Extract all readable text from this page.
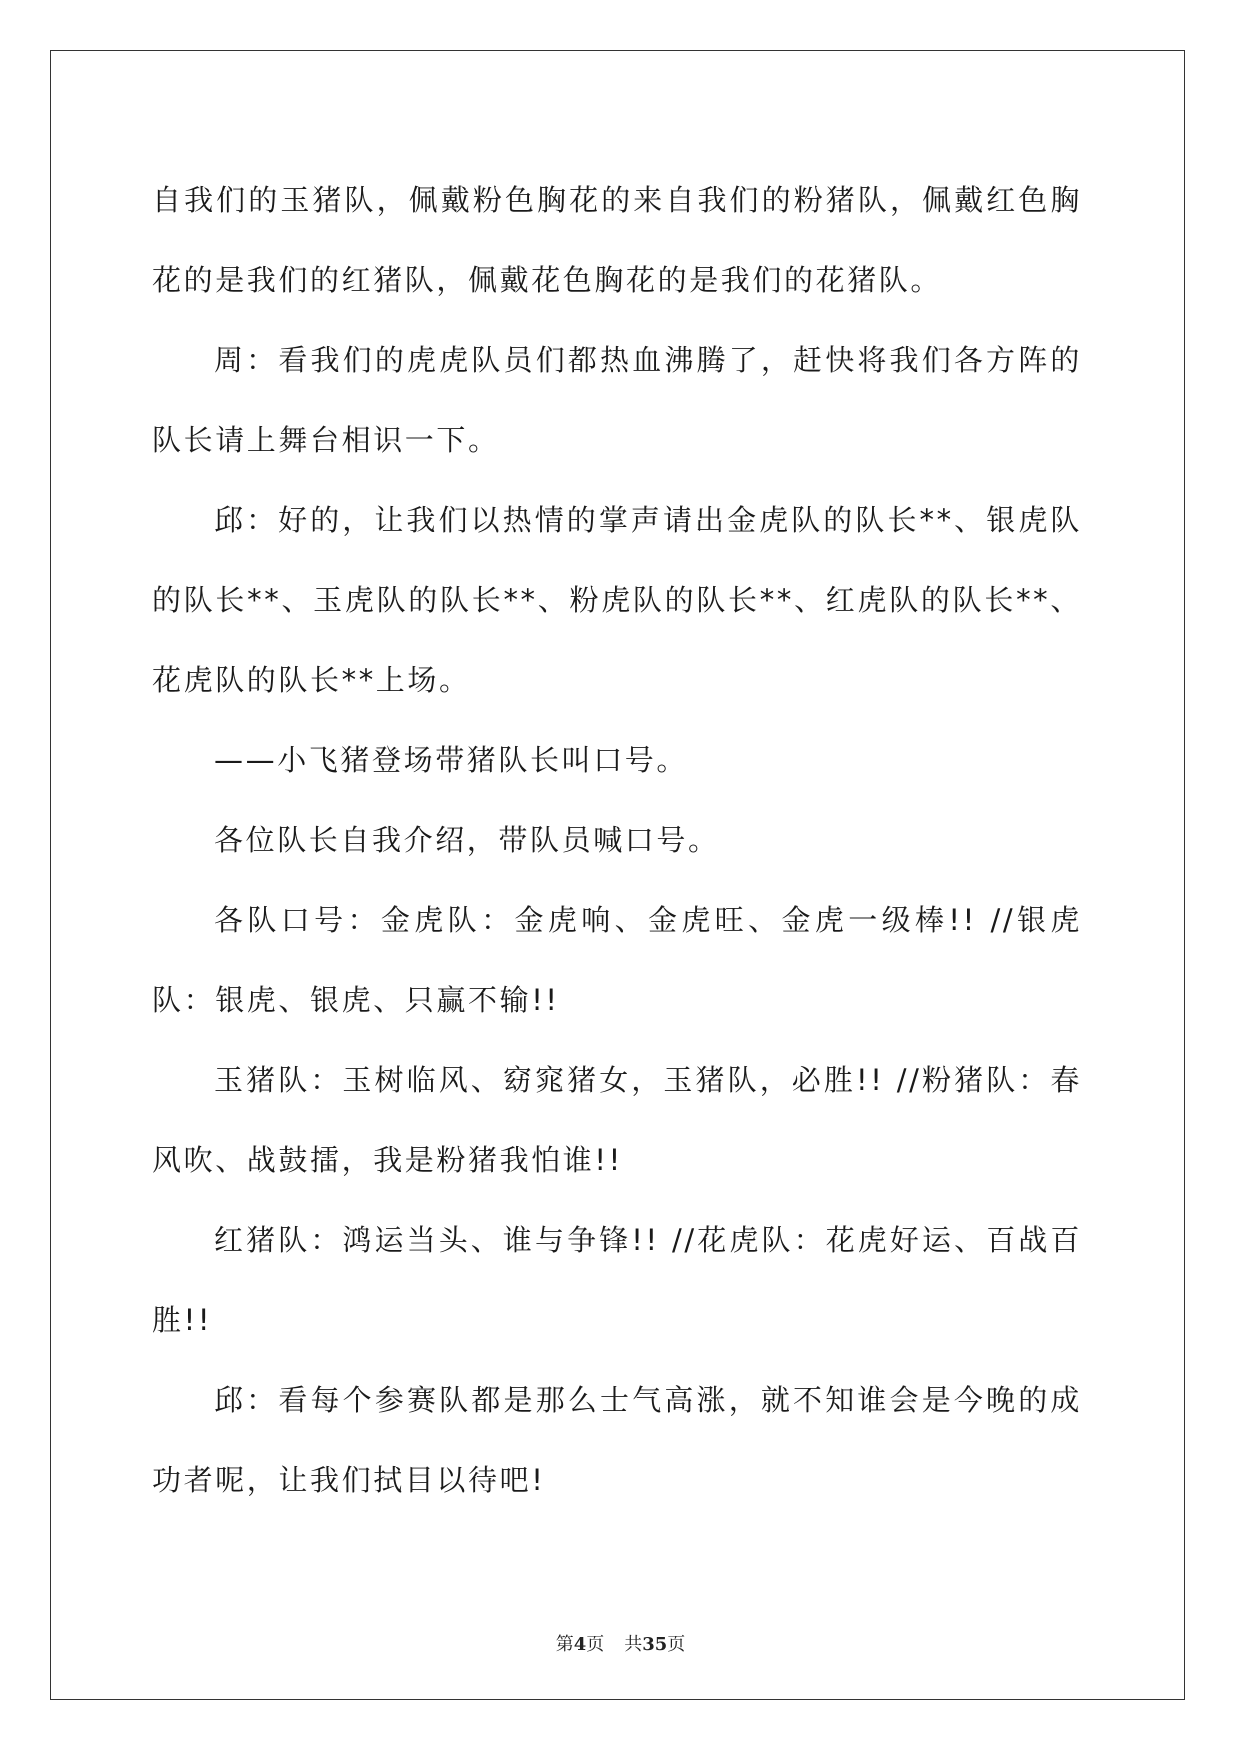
自我们的玉猪队，佩戴粉色胸花的来自我们的粉猪队，佩戴红色胸花的是我们的红猪队，佩戴花色胸花的是我们的花猪队。

周：看我们的虎虎队员们都热血沸腾了，赶快将我们各方阵的队长请上舞台相识一下。

邱：好的，让我们以热情的掌声请出金虎队的队长**、银虎队的队长**、玉虎队的队长**、粉虎队的队长**、红虎队的队长**、花虎队的队长**上场。

——小飞猪登场带猪队长叫口号。

各位队长自我介绍，带队员喊口号。

各队口号：金虎队：金虎响、金虎旺、金虎一级棒!! //银虎队：银虎、银虎、只赢不输!!

玉猪队：玉树临风、窈窕猪女，玉猪队，必胜!! //粉猪队：春风吹、战鼓擂，我是粉猪我怕谁!!

红猪队：鸿运当头、谁与争锋!! //花虎队：花虎好运、百战百胜!!

邱：看每个参赛队都是那么士气高涨，就不知谁会是今晚的成功者呢，让我们拭目以待吧!

第4页 共35页
